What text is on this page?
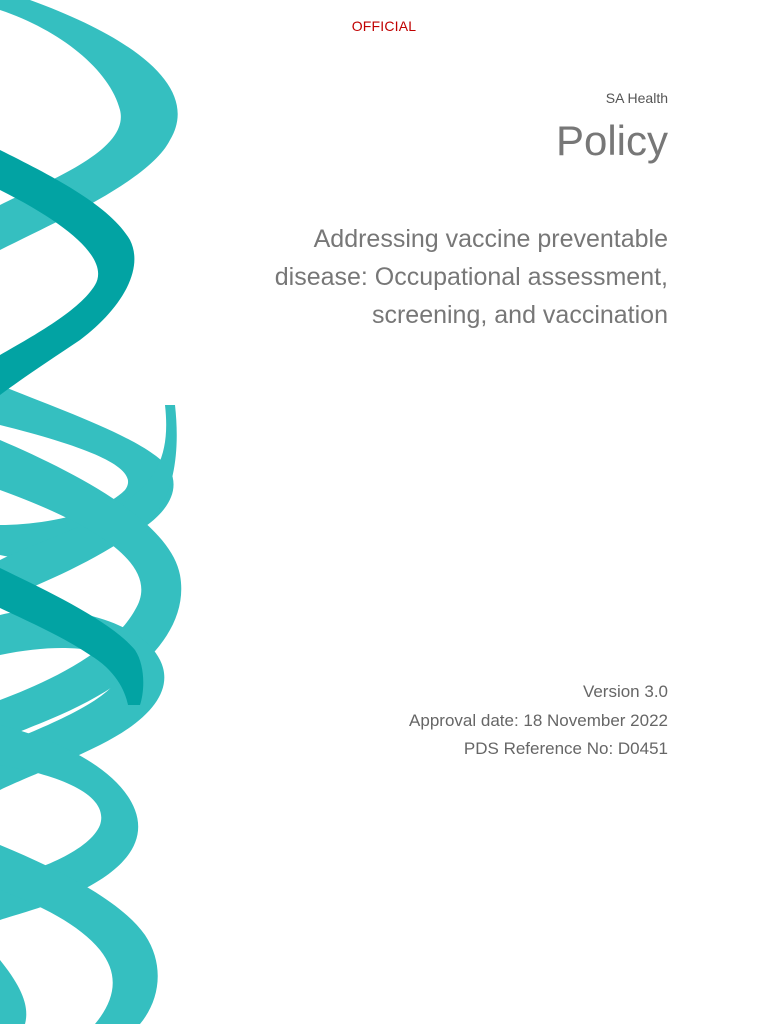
OFFICIAL
SA Health
Policy
Addressing vaccine preventable
disease: Occupational assessment,
screening, and vaccination
Version 3.0
Approval date: 18 November 2022
PDS Reference No: D0451
